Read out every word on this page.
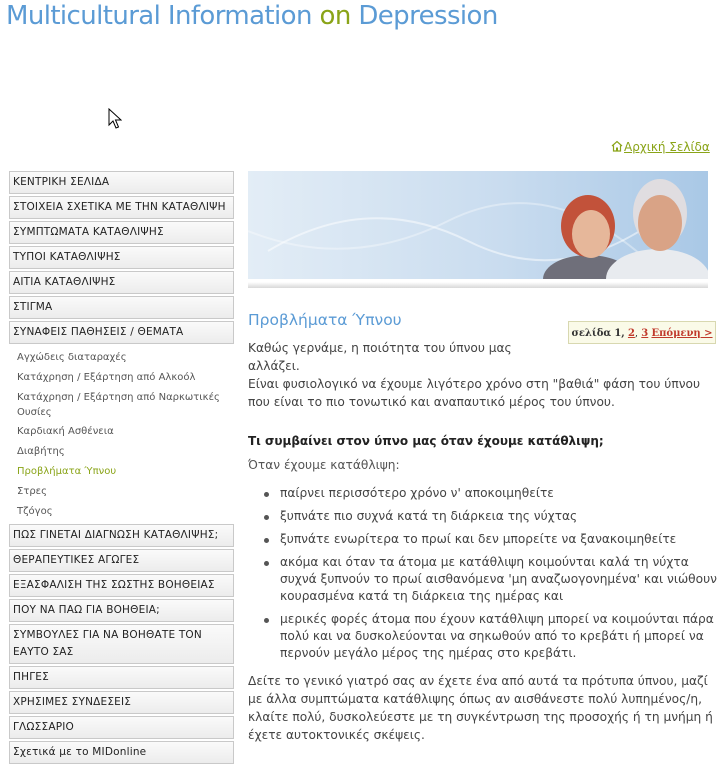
Multicultural Information on Depression
Αρχική Σελίδα
ΚΕΝΤΡΙΚΗ ΣΕΛΙΔΑ
ΣΤΟΙΧΕΙΑ ΣΧΕΤΙΚΑ ΜΕ ΤΗΝ ΚΑΤΑΘΛΙΨΗ
ΣΥΜΠΤΩΜΑΤΑ ΚΑΤΑΘΛΙΨΗΣ
ΤΥΠΟΙ ΚΑΤΑΘΛΙΨΗΣ
ΑΙΤΙΑ ΚΑΤΑΘΛΙΨΗΣ
ΣΤΙΓΜΑ
ΣΥΝΑΦΕΙΣ ΠΑΘΗΣΕΙΣ / ΘΕΜΑΤΑ
Αγχώδεις διαταραχές
Κατάχρηση / Εξάρτηση από Αλκοόλ
Κατάχρηση / Εξάρτηση από Ναρκωτικές Ουσίες
Καρδιακή Ασθένεια
Διαβήτης
Προβλήματα Ύπνου
Στρες
Τζόγος
ΠΩΣ ΓΙΝΕΤΑΙ ΔΙΑΓΝΩΣΗ ΚΑΤΑΘΛΙΨΗΣ;
ΘΕΡΑΠΕΥΤΙΚΕΣ ΑΓΩΓΕΣ
ΕΞΑΣΦΑΛΙΣΗ ΤΗΣ ΣΩΣΤΗΣ ΒΟΗΘΕΙΑΣ
ΠΟΥ ΝΑ ΠΑΩ ΓΙΑ ΒΟΗΘΕΙΑ;
ΣΥΜΒΟΥΛΕΣ ΓΙΑ ΝΑ ΒΟΗΘΑΤΕ ΤΟΝ ΕΑΥΤΟ ΣΑΣ
ΠΗΓΕΣ
ΧΡΗΣΙΜΕΣ ΣΥΝΔΕΣΕΙΣ
ΓΛΩΣΣΑΡΙΟ
Σχετικά με το MIDonline
Προβλήματα Ύπνου
σελίδα 1, 2, 3 Επόμενη >

Καθώς γερνάμε, η ποιότητα του ύπνου μας αλλάζει.
Είναι φυσιολογικό να έχουμε λιγότερο χρόνο στη "βαθιά" φάση του ύπνου που είναι το πιο τονωτικό και αναπαυτικό μέρος του ύπνου.

Τι συμβαίνει στον ύπνο μας όταν έχουμε κατάθλιψη;

Όταν έχουμε κατάθλιψη:

παίρνει περισσότερο χρόνο ν' αποκοιμηθείτε
ξυπνάτε πιο συχνά κατά τη διάρκεια της νύχτας
ξυπνάτε ενωρίτερα το πρωί και δεν μπορείτε να ξανακοιμηθείτε
ακόμα και όταν τα άτομα με κατάθλιψη κοιμούνται καλά τη νύχτα συχνά ξυπνούν το πρωί αισθανόμενα 'μη αναζωογονημένα' και νιώθουν κουρασμένα κατά τη διάρκεια της ημέρας και
μερικές φορές άτομα που έχουν κατάθλιψη μπορεί να κοιμούνται πάρα πολύ και να δυσκολεύονται να σηκωθούν από το κρεβάτι ή μπορεί να περνούν μεγάλο μέρος της ημέρας στο κρεβάτι.

Δείτε το γενικό γιατρό σας αν έχετε ένα από αυτά τα πρότυπα ύπνου, μαζί με άλλα συμπτώματα κατάθλιψης όπως αν αισθάνεστε πολύ λυπημένος/η, κλαίτε πολύ, δυσκολεύεστε με τη συγκέντρωση της προσοχής ή τη μνήμη ή έχετε αυτοκτονικές σκέψεις.
